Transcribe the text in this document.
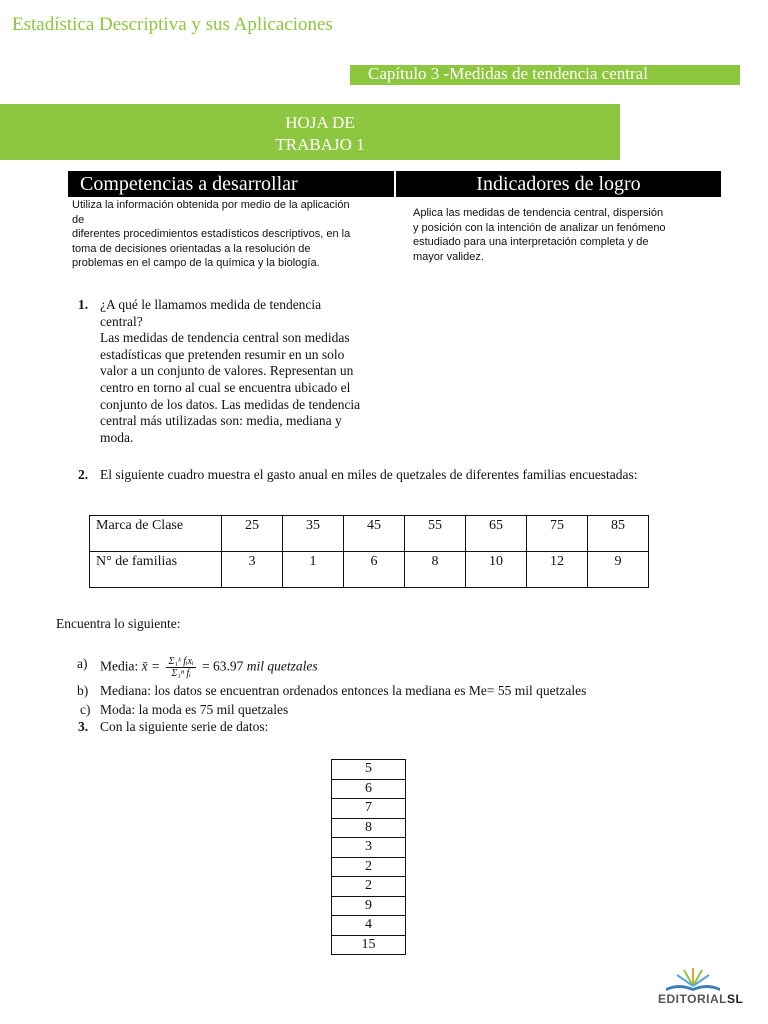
Estadística Descriptiva y sus Aplicaciones
Capítulo 3 -Medidas de tendencia central
HOJA DE
TRABAJO 1
Competencias a desarrollar	Indicadores de logro
Utiliza la información obtenida por medio de la aplicación
de
diferentes procedimientos estadísticos descriptivos, en la
toma de decisiones orientadas a la resolución de
problemas en el campo de la química y la biología.
Aplica las medidas de tendencia central, dispersión
y posición con la intención de analizar un fenómeno
estudiado para una interpretación completa y de
mayor validez.
1. ¿A qué le llamamos medida de tendencia
central?
Las medidas de tendencia central son medidas
estadísticas que pretenden resumir en un solo
valor a un conjunto de valores. Representan un
centro en torno al cual se encuentra ubicado el
conjunto de los datos. Las medidas de tendencia
central más utilizadas son: media, mediana y
moda.
2. El siguiente cuadro muestra el gasto anual en miles de quetzales de diferentes familias encuestadas:
Marca de Clase	25	35	45	55	65	75	85
N° de familias	3	1	6	8	10	12	9
Encuentra lo siguiente:
a) Media: x̄ = $\frac{\text{Σ₁ᵏ fᵢxᵢ}}{\text{Σ₁ⁿ fᵢ}} = 63.97$ mil quetzales
b) Mediana: los datos se encuentran ordenados entonces la mediana es Me= 55 mil quetzales
c) Moda: la moda es 75 mil quetzales
3. Con la siguiente serie de datos:
5
6
7
8
3
2
2
9
4
15
EDITORIALSL
